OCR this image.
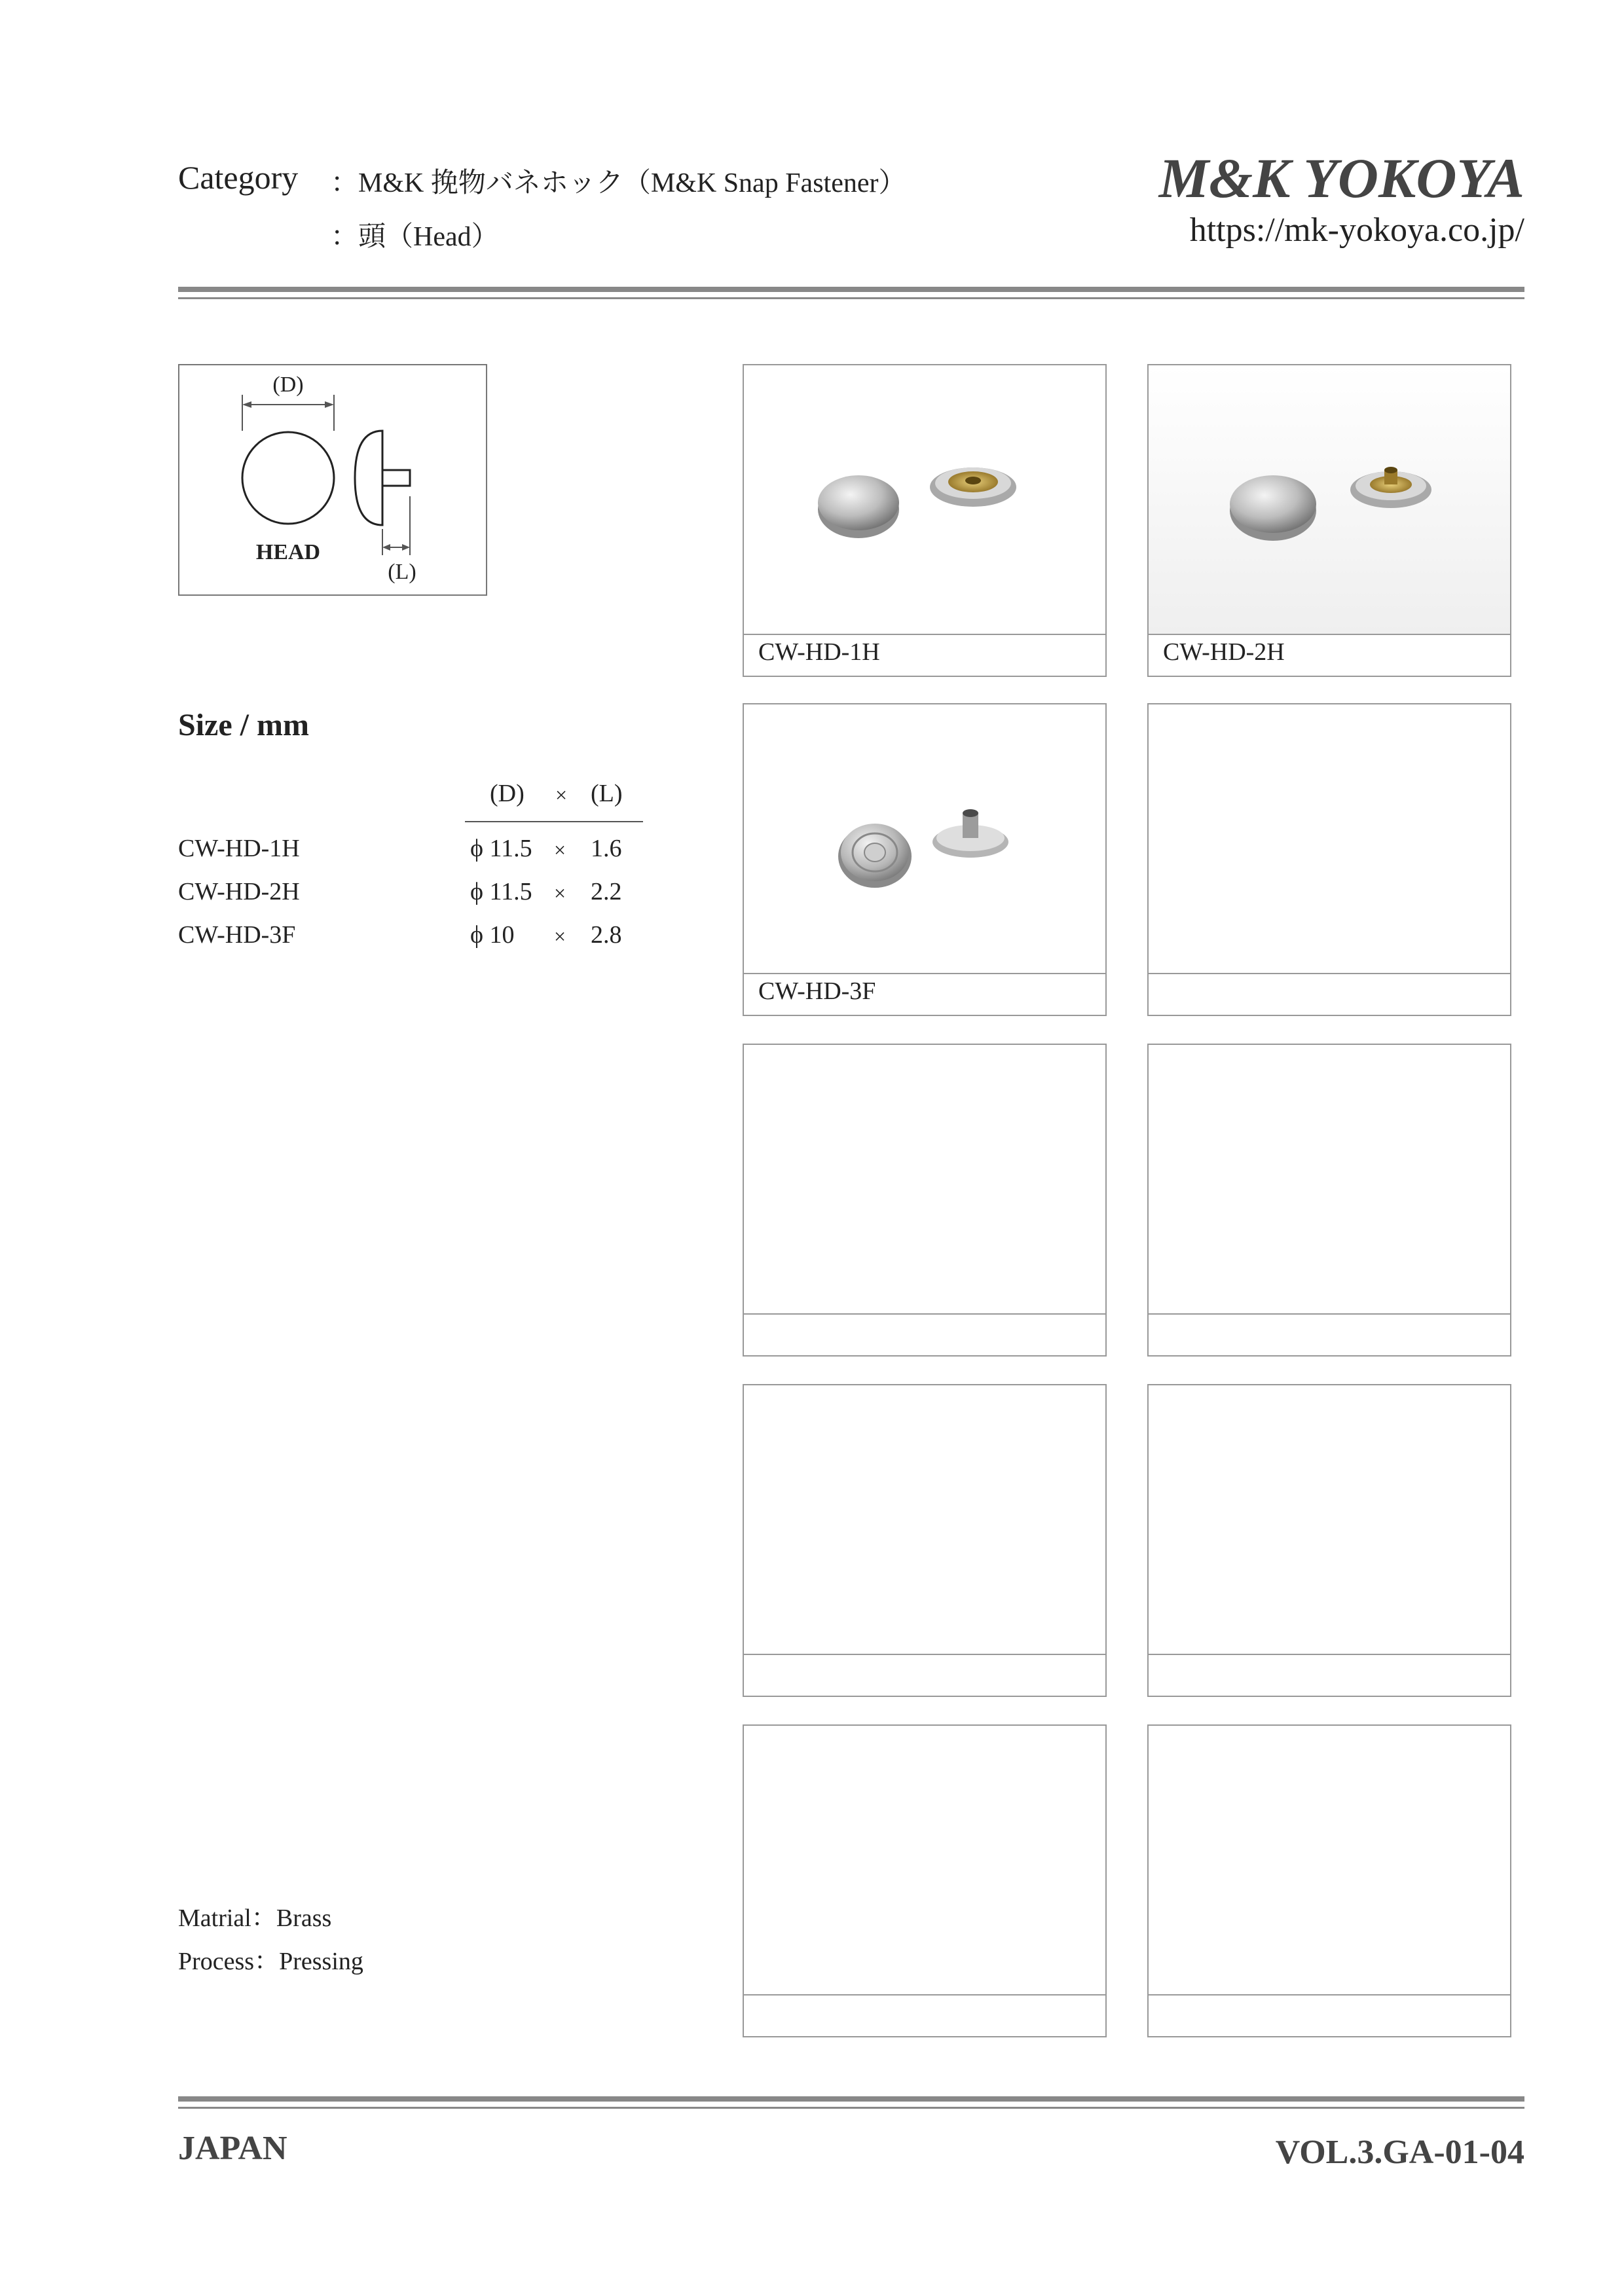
Category ：M&K 挽物バネホック（M&K Snap Fastener）
：頭（Head）
M&K YOKOYA
https://mk-yokoya.co.jp/
(D)
HEAD
(L)
Size / mm
(D) × (L)
CW-HD-1H	ϕ 11.5 × 1.6
CW-HD-2H	ϕ 11.5 × 2.2
CW-HD-3F	ϕ 10 × 2.8
Matrial：Brass
Process：Pressing
CW-HD-1H	CW-HD-2H
CW-HD-3F
JAPAN	VOL.3.GA-01-04
